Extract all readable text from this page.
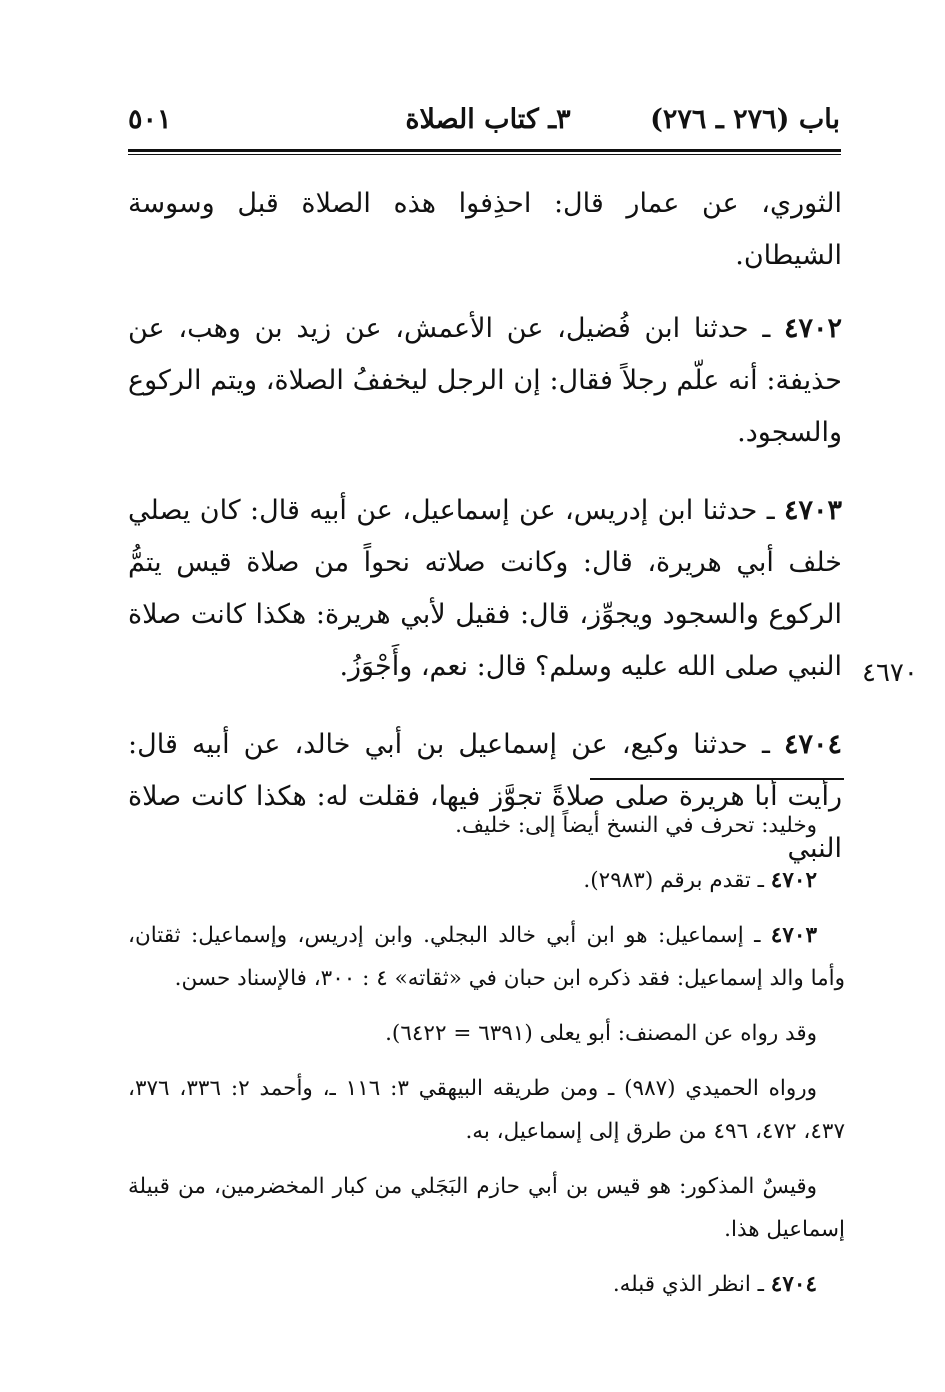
باب (٢٧٦ ـ ٢٧٦)
٣ـ كتاب الصلاة
٥٠١

الثوري، عن عمار قال: احذِفوا هذه الصلاة قبل وسوسة الشيطان.

٤٧٠٢ ـ حدثنا ابن فُضيل، عن الأعمش، عن زيد بن وهب، عن حذيفة: أنه علّم رجلاً فقال: إن الرجل ليخففُ الصلاة، ويتم الركوع والسجود.

٤٧٠٣ ـ حدثنا ابن إدريس، عن إسماعيل، عن أبيه قال: كان يصلي خلف أبي هريرة، قال: وكانت صلاته نحواً من صلاة قيس يتمُّ الركوع والسجود ويجوِّز، قال: فقيل لأبي هريرة: هكذا كانت صلاة النبي صلى الله عليه وسلم؟ قال: نعم، وأَجْوَزُ.

٤٧٠٤ ـ حدثنا وكيع، عن إسماعيل بن أبي خالد، عن أبيه قال: رأيت أبا هريرة صلى صلاةً تجوَّز فيها، فقلت له: هكذا كانت صلاة النبي

٤٦٧٠

وخليد: تحرف في النسخ أيضاً إلى: خليف.

٤٧٠٢ ـ تقدم برقم (٢٩٨٣).

٤٧٠٣ ـ إسماعيل: هو ابن أبي خالد البجلي. وابن إدريس، وإسماعيل: ثقتان، وأما والد إسماعيل: فقد ذكره ابن حبان في «ثقاته» ٤ : ٣٠٠، فالإسناد حسن.

وقد رواه عن المصنف: أبو يعلى (٦٣٩١ = ٦٤٢٢).

ورواه الحميدي (٩٨٧) ـ ومن طريقه البيهقي ٣: ١١٦ ـ، وأحمد ٢: ٣٣٦، ٣٧٦، ٤٣٧، ٤٧٢، ٤٩٦ من طرق إلى إسماعيل، به.

وقيسٌ المذكور: هو قيس بن أبي حازم البَجَلي من كبار المخضرمين، من قبيلة إسماعيل هذا.

٤٧٠٤ ـ انظر الذي قبله.
